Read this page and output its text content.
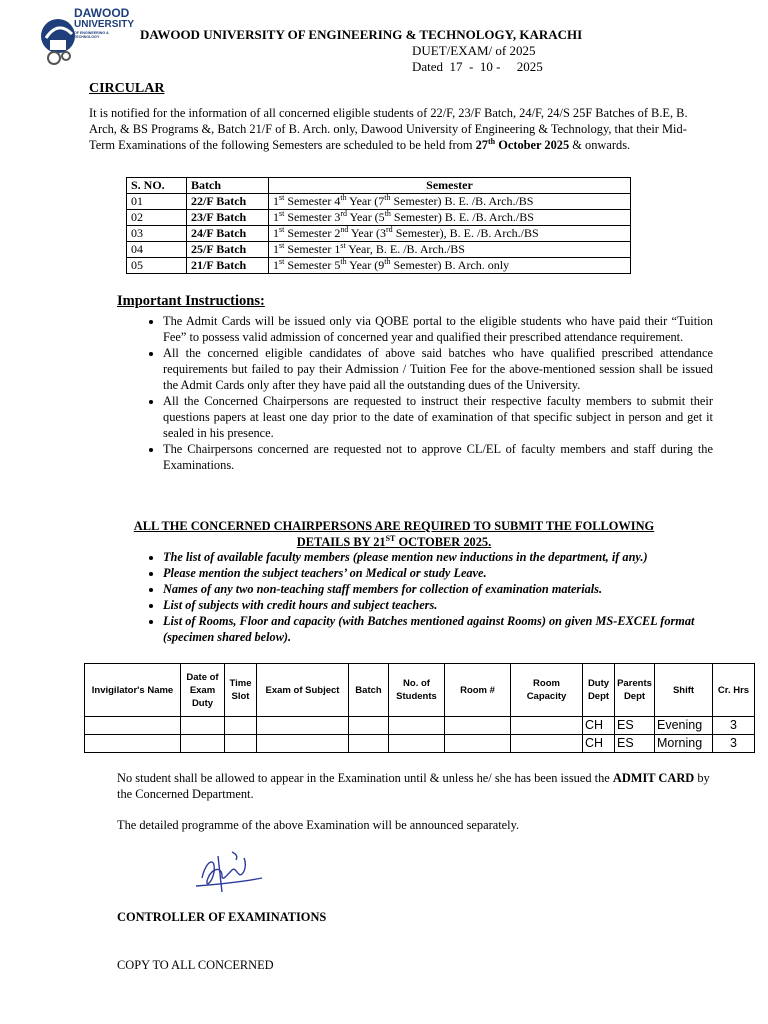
DAWOOD
UNIVERSITY
OF ENGINEERING & TECHNOLOGY	DAWOOD UNIVERSITY OF ENGINEERING & TECHNOLOGY, KARACHI
DUET/EXAM/ of 2025
Dated  17  -  10 -     2025
CIRCULAR
It is notified for the information of all concerned eligible students of 22/F, 23/F Batch, 24/F, 24/S 25F Batches of B.E, B. Arch, & BS Programs &, Batch 21/F of B. Arch. only, Dawood University of Engineering & Technology, that their Mid-Term Examinations of the following Semesters are scheduled to be held from 27th October 2025 & onwards.
S. NO.	Batch	Semester
01	22/F Batch	1st Semester 4th Year (7th Semester) B. E. /B. Arch./BS
02	23/F Batch	1st Semester 3rd Year (5th Semester) B. E. /B. Arch./BS
03	24/F Batch	1st Semester 2nd Year (3rd Semester), B. E. /B. Arch./BS
04	25/F Batch	1st Semester 1st Year, B. E. /B. Arch./BS
05	21/F Batch	1st Semester 5th Year (9th Semester) B. Arch. only
Important Instructions:
• The Admit Cards will be issued only via QOBE portal to the eligible students who have paid their “Tuition Fee” to possess valid admission of concerned year and qualified their prescribed attendance requirement.
• All the concerned eligible candidates of above said batches who have qualified prescribed attendance requirements but failed to pay their Admission / Tuition Fee for the above-mentioned session shall be issued the Admit Cards only after they have paid all the outstanding dues of the University.
• All the Concerned Chairpersons are requested to instruct their respective faculty members to submit their questions papers at least one day prior to the date of examination of that specific subject in person and get it sealed in his presence.
• The Chairpersons concerned are requested not to approve CL/EL of faculty members and staff during the Examinations.
ALL THE CONCERNED CHAIRPERSONS ARE REQUIRED TO SUBMIT THE FOLLOWING
DETAILS BY 21ST OCTOBER 2025.
• The list of available faculty members (please mention new inductions in the department, if any.)
• Please mention the subject teachers’ on Medical or study Leave.
• Names of any two non-teaching staff members for collection of examination materials.
• List of subjects with credit hours and subject teachers.
• List of Rooms, Floor and capacity (with Batches mentioned against Rooms) on given MS-EXCEL format (specimen shared below).
Invigilator's Name	Date of Exam Duty	Time Slot	Exam of Subject	Batch	No. of Students	Room #	Room Capacity	Duty Dept	Parents Dept	Shift	Cr. Hrs
								CH	ES	Evening	3
								CH	ES	Morning	3
No student shall be allowed to appear in the Examination until & unless he/ she has been issued the ADMIT CARD by the Concerned Department.
The detailed programme of the above Examination will be announced separately.
CONTROLLER OF EXAMINATIONS
COPY TO ALL CONCERNED
